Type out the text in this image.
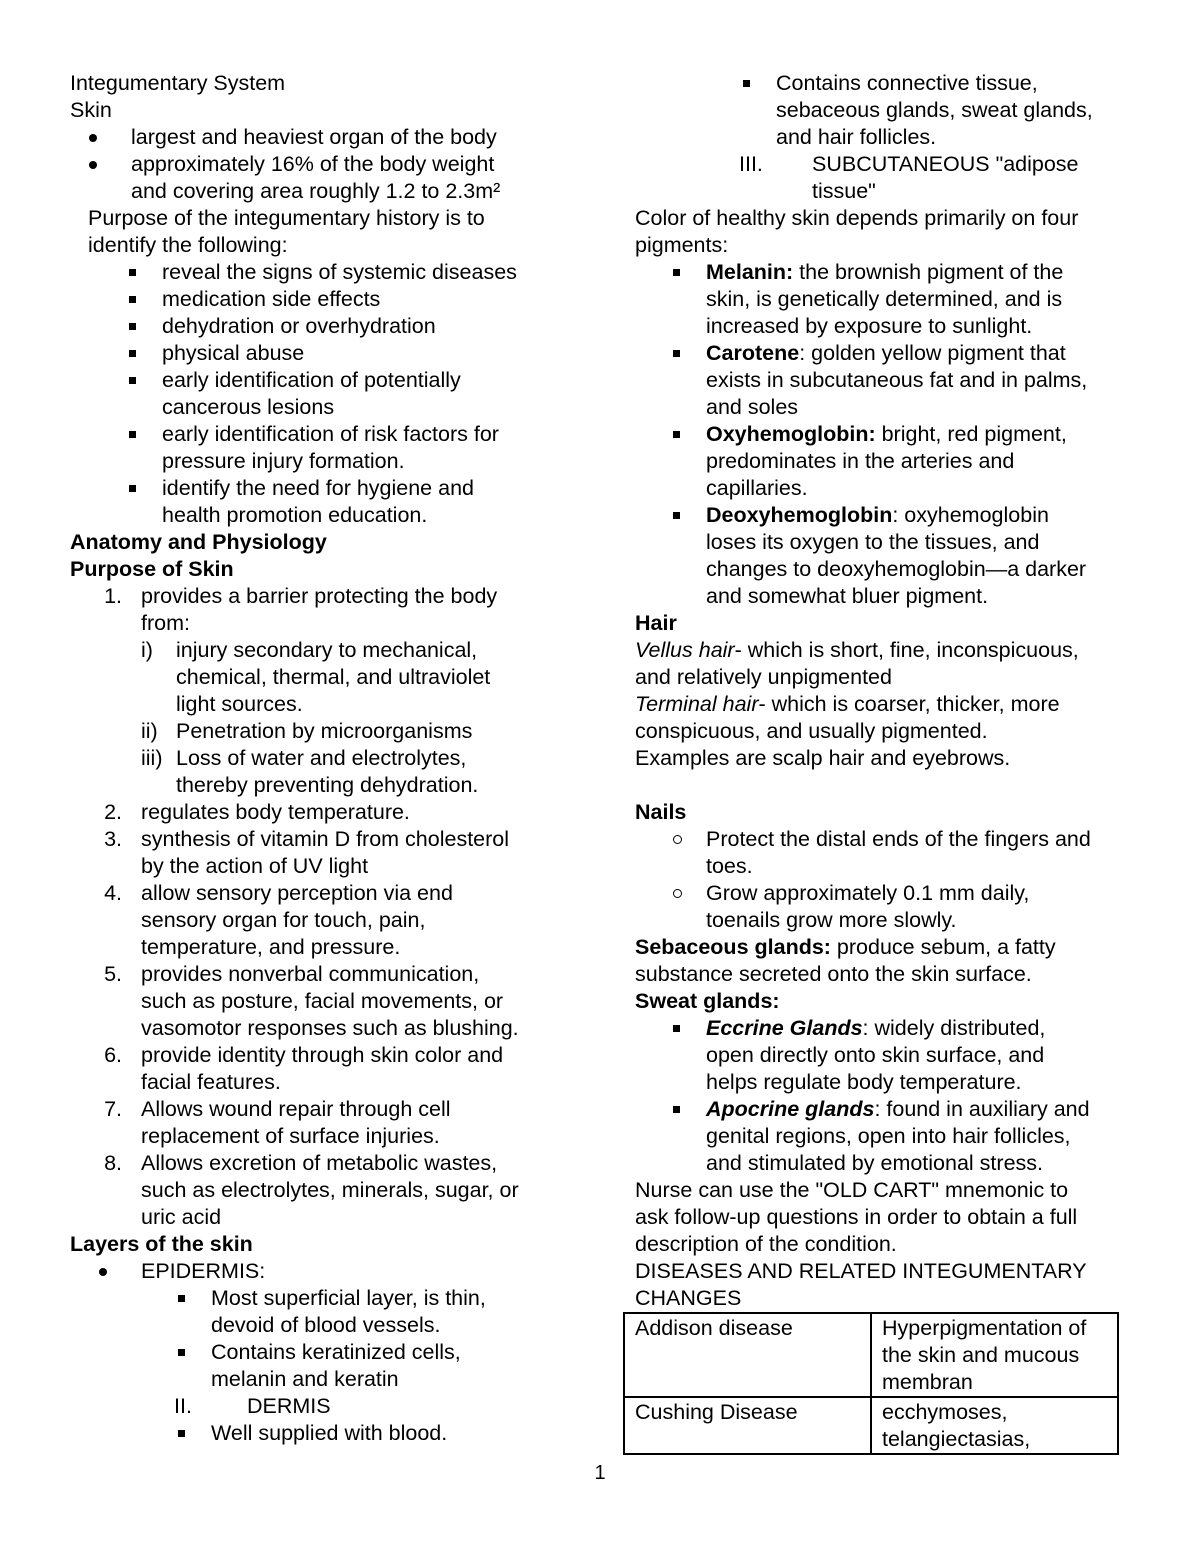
Integumentary System

Skin

largest and heaviest organ of the body

approximately 16% of the body weight

and covering area roughly 1.2 to 2.3m²

Purpose of the integumentary history is to

identify the following:

reveal the signs of systemic diseases

medication side effects

dehydration or overhydration

physical abuse

early identification of potentially

cancerous lesions

early identification of risk factors for

pressure injury formation.

identify the need for hygiene and

health promotion education.

Anatomy and Physiology

Purpose of Skin

1. provides a barrier protecting the body

from:

i) injury secondary to mechanical,

chemical, thermal, and ultraviolet

light sources.

ii) Penetration by microorganisms

iii) Loss of water and electrolytes,

thereby preventing dehydration.

2. regulates body temperature.

3. synthesis of vitamin D from cholesterol

by the action of UV light

4. allow sensory perception via end

sensory organ for touch, pain,

temperature, and pressure.

5. provides nonverbal communication,

such as posture, facial movements, or

vasomotor responses such as blushing.

6. provide identity through skin color and

facial features.

7. Allows wound repair through cell

replacement of surface injuries.

8. Allows excretion of metabolic wastes,

such as electrolytes, minerals, sugar, or

uric acid

Layers of the skin

EPIDERMIS:

Most superficial layer, is thin,

devoid of blood vessels.

Contains keratinized cells,

melanin and keratin

II.	DERMIS

Well supplied with blood.

Contains connective tissue,

sebaceous glands, sweat glands,

and hair follicles.

III. SUBCUTANEOUS "adipose

tissue"

Color of healthy skin depends primarily on four

pigments:

Melanin: the brownish pigment of the

skin, is genetically determined, and is

increased by exposure to sunlight.

Carotene: golden yellow pigment that

exists in subcutaneous fat and in palms,

and soles

Oxyhemoglobin: bright, red pigment,

predominates in the arteries and

capillaries.

Deoxyhemoglobin: oxyhemoglobin

loses its oxygen to the tissues, and

changes to deoxyhemoglobin—a darker

and somewhat bluer pigment.

Hair

Vellus hair- which is short, fine, inconspicuous,

and relatively unpigmented

Terminal hair- which is coarser, thicker, more

conspicuous, and usually pigmented.

Examples are scalp hair and eyebrows.

Nails

Protect the distal ends of the fingers and

toes.

Grow approximately 0.1 mm daily,

toenails grow more slowly.

Sebaceous glands: produce sebum, a fatty

substance secreted onto the skin surface.

Sweat glands:

Eccrine Glands: widely distributed,

open directly onto skin surface, and

helps regulate body temperature.

Apocrine glands: found in auxiliary and

genital regions, open into hair follicles,

and stimulated by emotional stress.

Nurse can use the "OLD CART" mnemonic to

ask follow-up questions in order to obtain a full

description of the condition.

DISEASES AND RELATED INTEGUMENTARY

CHANGES

Addison disease	Hyperpigmentation of

the skin and mucous

membran

Cushing Disease	ecchymoses,

telangiectasias,

1
